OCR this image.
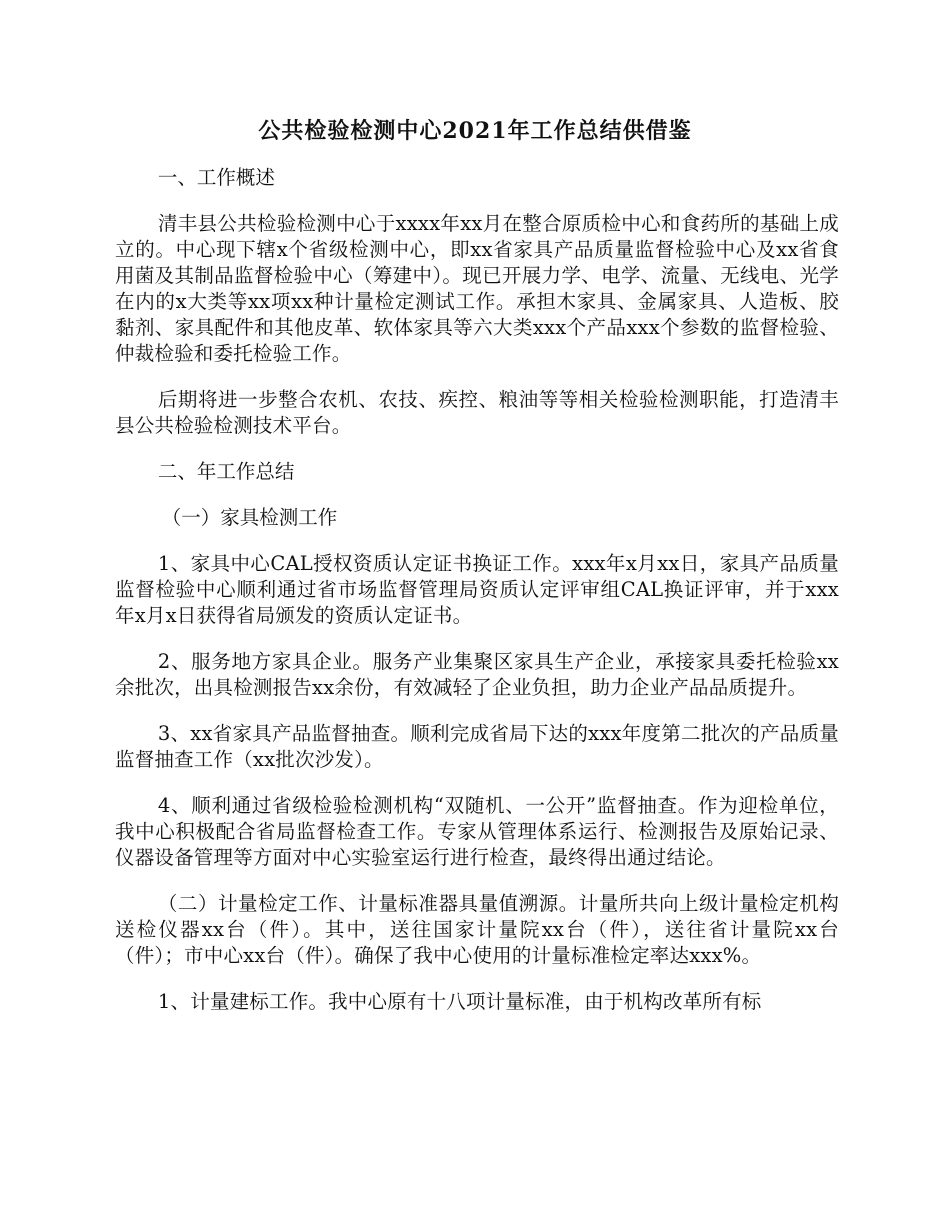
公共检验检测中心2021年工作总结供借鉴

一、工作概述

清丰县公共检验检测中心于xxxx年xx月在整合原质检中心和食药所的基础上成立的。中心现下辖x个省级检测中心，即xx省家具产品质量监督检验中心及xx省食用菌及其制品监督检验中心（筹建中）。现已开展力学、电学、流量、无线电、光学在内的x大类等xx项xx种计量检定测试工作。承担木家具、金属家具、人造板、胶黏剂、家具配件和其他皮革、软体家具等六大类xxx个产品xxx个参数的监督检验、仲裁检验和委托检验工作。

后期将进一步整合农机、农技、疾控、粮油等等相关检验检测职能，打造清丰县公共检验检测技术平台。

二、年工作总结

（一）家具检测工作

1、家具中心CAL授权资质认定证书换证工作。xxx年x月xx日，家具产品质量监督检验中心顺利通过省市场监督管理局资质认定评审组CAL换证评审，并于xxx年x月x日获得省局颁发的资质认定证书。

2、服务地方家具企业。服务产业集聚区家具生产企业，承接家具委托检验xx余批次，出具检测报告xx余份，有效减轻了企业负担，助力企业产品品质提升。

3、xx省家具产品监督抽查。顺利完成省局下达的xxx年度第二批次的产品质量监督抽查工作（xx批次沙发）。

4、顺利通过省级检验检测机构“双随机、一公开”监督抽查。作为迎检单位，我中心积极配合省局监督检查工作。专家从管理体系运行、检测报告及原始记录、仪器设备管理等方面对中心实验室运行进行检查，最终得出通过结论。

（二）计量检定工作、计量标准器具量值溯源。计量所共向上级计量检定机构送检仪器xx台（件）。其中，送往国家计量院xx台（件），送往省计量院xx台（件）；市中心xx台（件）。确保了我中心使用的计量标准检定率达xxx%。

1、计量建标工作。我中心原有十八项计量标准，由于机构改革所有标
